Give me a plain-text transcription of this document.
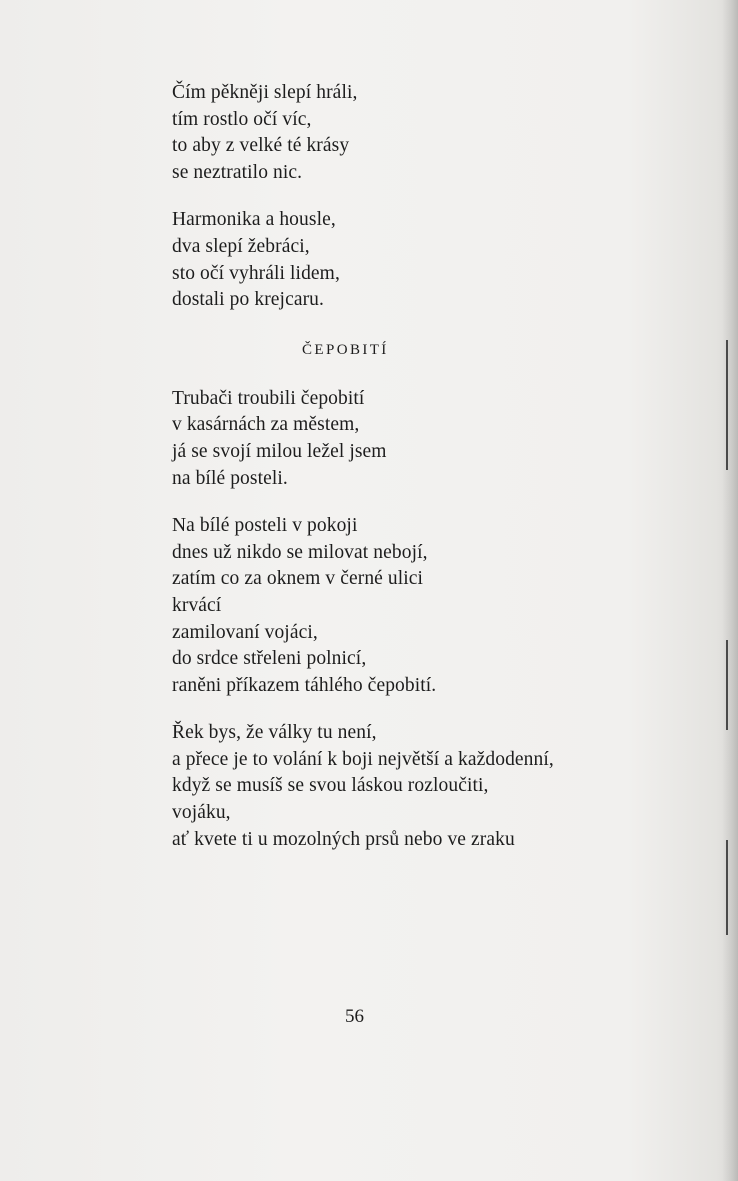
Čím pěkněji slepí hráli,
tím rostlo očí víc,
to aby z velké té krásy
se neztratilo nic.
Harmonika a housle,
dva slepí žebráci,
sto očí vyhráli lidem,
dostali po krejcaru.
ČEPOBITÍ
Trubači troubili čepobití
v kasárnách za městem,
já se svojí milou ležel jsem
na bílé posteli.
Na bílé posteli v pokoji
dnes už nikdo se milovat nebojí,
zatím co za oknem v černé ulici
krvácí
zamilovaní vojáci,
do srdce střeleni polnicí,
raněni příkazem táhlého čepobití.
Řek bys, že války tu není,
a přece je to volání k boji největší a každodenní,
když se musíš se svou láskou rozloučiti,
vojáku,
ať kvete ti u mozolných prsů nebo ve zraku
56
